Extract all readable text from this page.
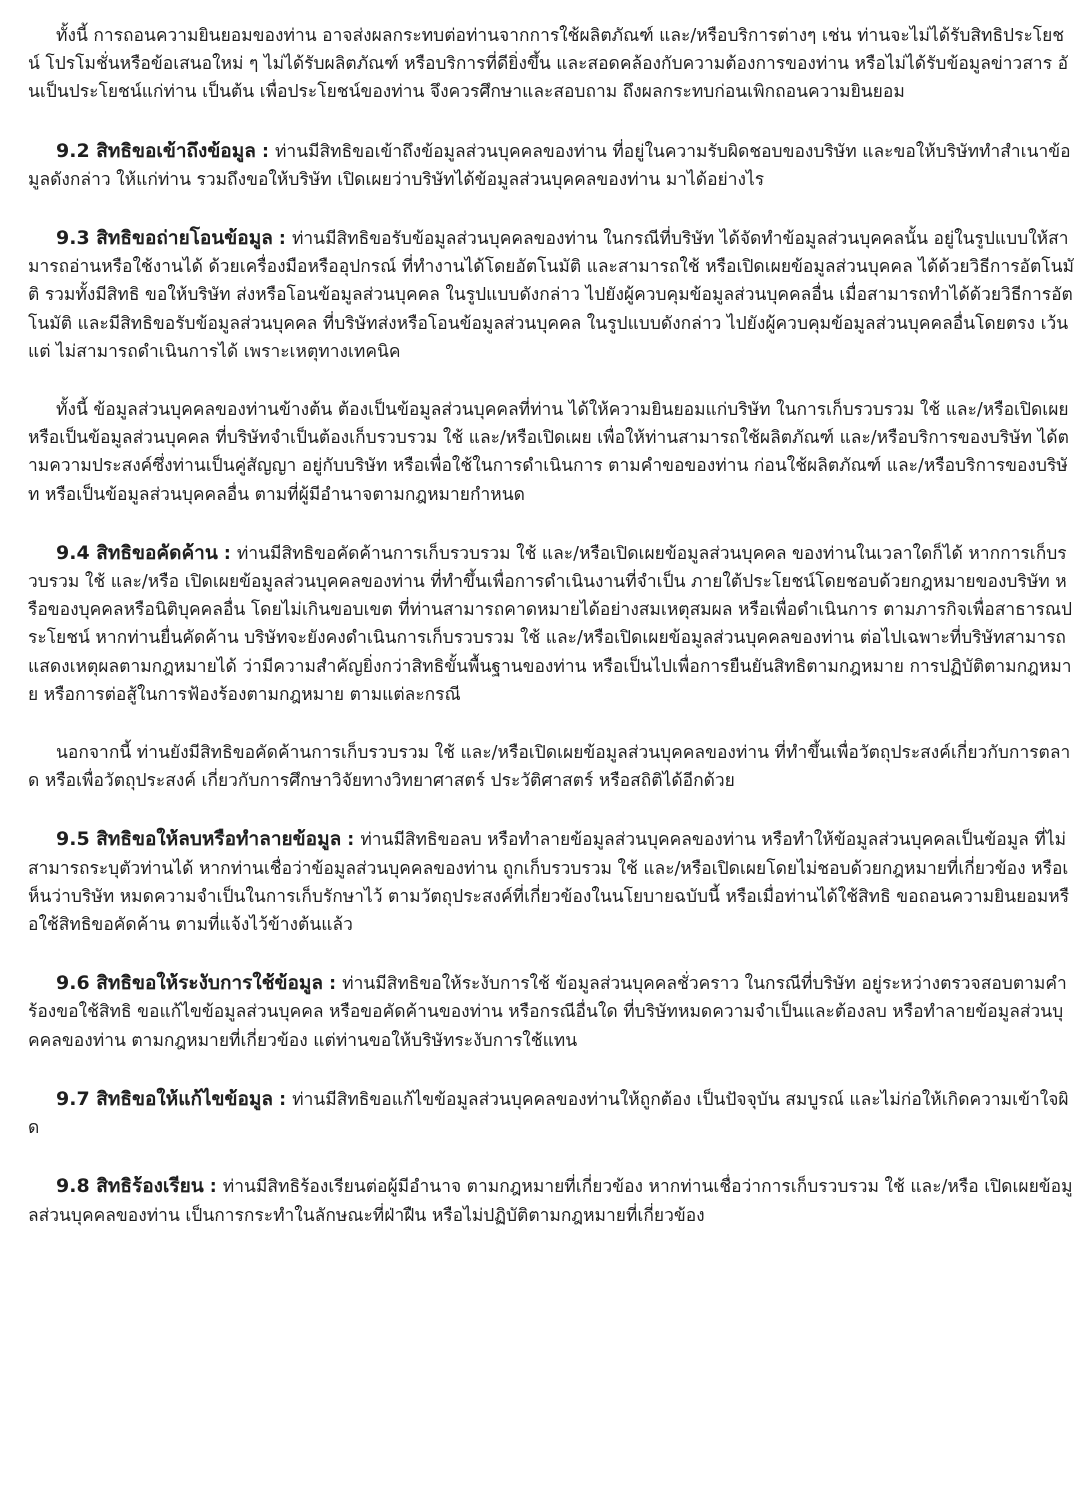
ทั้งนี้ การถอนความยินยอมของท่าน อาจส่งผลกระทบต่อท่านจากการใช้ผลิตภัณฑ์ และ/หรือบริการต่างๆ เช่น ท่านจะไม่ได้รับสิทธิประโยชน์ โปรโมชั่นหรือข้อเสนอใหม่ ๆ ไม่ได้รับผลิตภัณฑ์ หรือบริการที่ดียิ่งขึ้น และสอดคล้องกับความต้องการของท่าน หรือไม่ได้รับข้อมูลข่าวสาร อันเป็นประโยชน์แก่ท่าน เป็นต้น เพื่อประโยชน์ของท่าน จึงควรศึกษาและสอบถาม ถึงผลกระทบก่อนเพิกถอนความยินยอม

9.2 สิทธิขอเข้าถึงข้อมูล : ท่านมีสิทธิขอเข้าถึงข้อมูลส่วนบุคคลของท่าน ที่อยู่ในความรับผิดชอบของบริษัท และขอให้บริษัททำสำเนาข้อมูลดังกล่าว ให้แก่ท่าน รวมถึงขอให้บริษัท เปิดเผยว่าบริษัทได้ข้อมูลส่วนบุคคลของท่าน มาได้อย่างไร

9.3 สิทธิขอถ่ายโอนข้อมูล : ท่านมีสิทธิขอรับข้อมูลส่วนบุคคลของท่าน ในกรณีที่บริษัท ได้จัดทำข้อมูลส่วนบุคคลนั้น อยู่ในรูปแบบให้สามารถอ่านหรือใช้งานได้ ด้วยเครื่องมือหรืออุปกรณ์ ที่ทำงานได้โดยอัตโนมัติ และสามารถใช้ หรือเปิดเผยข้อมูลส่วนบุคคล ได้ด้วยวิธีการอัตโนมัติ รวมทั้งมีสิทธิ ขอให้บริษัท ส่งหรือโอนข้อมูลส่วนบุคคล ในรูปแบบดังกล่าว ไปยังผู้ควบคุมข้อมูลส่วนบุคคลอื่น เมื่อสามารถทำได้ด้วยวิธีการอัตโนมัติ และมีสิทธิขอรับข้อมูลส่วนบุคคล ที่บริษัทส่งหรือโอนข้อมูลส่วนบุคคล ในรูปแบบดังกล่าว ไปยังผู้ควบคุมข้อมูลส่วนบุคคลอื่นโดยตรง เว้นแต่ ไม่สามารถดำเนินการได้ เพราะเหตุทางเทคนิค

ทั้งนี้ ข้อมูลส่วนบุคคลของท่านข้างต้น ต้องเป็นข้อมูลส่วนบุคคลที่ท่าน ได้ให้ความยินยอมแก่บริษัท ในการเก็บรวบรวม ใช้ และ/หรือเปิดเผย หรือเป็นข้อมูลส่วนบุคคล ที่บริษัทจำเป็นต้องเก็บรวบรวม ใช้ และ/หรือเปิดเผย เพื่อให้ท่านสามารถใช้ผลิตภัณฑ์ และ/หรือบริการของบริษัท ได้ตามความประสงค์ซึ่งท่านเป็นคู่สัญญา อยู่กับบริษัท หรือเพื่อใช้ในการดำเนินการ ตามคำขอของท่าน ก่อนใช้ผลิตภัณฑ์ และ/หรือบริการของบริษัท หรือเป็นข้อมูลส่วนบุคคลอื่น ตามที่ผู้มีอำนาจตามกฎหมายกำหนด

9.4 สิทธิขอคัดค้าน : ท่านมีสิทธิขอคัดค้านการเก็บรวบรวม ใช้ และ/หรือเปิดเผยข้อมูลส่วนบุคคล ของท่านในเวลาใดก็ได้ หากการเก็บรวบรวม ใช้ และ/หรือ เปิดเผยข้อมูลส่วนบุคคลของท่าน ที่ทำขึ้นเพื่อการดำเนินงานที่จำเป็น ภายใต้ประโยชน์โดยชอบด้วยกฎหมายของบริษัท หรือของบุคคลหรือนิติบุคคลอื่น โดยไม่เกินขอบเขต ที่ท่านสามารถคาดหมายได้อย่างสมเหตุสมผล หรือเพื่อดำเนินการ ตามภารกิจเพื่อสาธารณประโยชน์ หากท่านยื่นคัดค้าน บริษัทจะยังคงดำเนินการเก็บรวบรวม ใช้ และ/หรือเปิดเผยข้อมูลส่วนบุคคลของท่าน ต่อไปเฉพาะที่บริษัทสามารถ แสดงเหตุผลตามกฎหมายได้ ว่ามีความสำคัญยิ่งกว่าสิทธิขั้นพื้นฐานของท่าน หรือเป็นไปเพื่อการยืนยันสิทธิตามกฎหมาย การปฏิบัติตามกฎหมาย หรือการต่อสู้ในการฟ้องร้องตามกฎหมาย ตามแต่ละกรณี

นอกจากนี้ ท่านยังมีสิทธิขอคัดค้านการเก็บรวบรวม ใช้ และ/หรือเปิดเผยข้อมูลส่วนบุคคลของท่าน ที่ทำขึ้นเพื่อวัตถุประสงค์เกี่ยวกับการตลาด หรือเพื่อวัตถุประสงค์ เกี่ยวกับการศึกษาวิจัยทางวิทยาศาสตร์ ประวัติศาสตร์ หรือสถิติได้อีกด้วย

9.5 สิทธิขอให้ลบหรือทำลายข้อมูล : ท่านมีสิทธิขอลบ หรือทำลายข้อมูลส่วนบุคคลของท่าน หรือทำให้ข้อมูลส่วนบุคคลเป็นข้อมูล ที่ไม่สามารถระบุตัวท่านได้ หากท่านเชื่อว่าข้อมูลส่วนบุคคลของท่าน ถูกเก็บรวบรวม ใช้ และ/หรือเปิดเผยโดยไม่ชอบด้วยกฎหมายที่เกี่ยวข้อง หรือเห็นว่าบริษัท หมดความจำเป็นในการเก็บรักษาไว้ ตามวัตถุประสงค์ที่เกี่ยวข้องในนโยบายฉบับนี้ หรือเมื่อท่านได้ใช้สิทธิ ขอถอนความยินยอมหรือใช้สิทธิขอคัดค้าน ตามที่แจ้งไว้ข้างต้นแล้ว

9.6 สิทธิขอให้ระงับการใช้ข้อมูล : ท่านมีสิทธิขอให้ระงับการใช้ ข้อมูลส่วนบุคคลชั่วคราว ในกรณีที่บริษัท อยู่ระหว่างตรวจสอบตามคำร้องขอใช้สิทธิ ขอแก้ไขข้อมูลส่วนบุคคล หรือขอคัดค้านของท่าน หรือกรณีอื่นใด ที่บริษัทหมดความจำเป็นและต้องลบ หรือทำลายข้อมูลส่วนบุคคลของท่าน ตามกฎหมายที่เกี่ยวข้อง แต่ท่านขอให้บริษัทระงับการใช้แทน

9.7 สิทธิขอให้แก้ไขข้อมูล : ท่านมีสิทธิขอแก้ไขข้อมูลส่วนบุคคลของท่านให้ถูกต้อง เป็นปัจจุบัน สมบูรณ์ และไม่ก่อให้เกิดความเข้าใจผิด

9.8 สิทธิร้องเรียน : ท่านมีสิทธิร้องเรียนต่อผู้มีอำนาจ ตามกฎหมายที่เกี่ยวข้อง หากท่านเชื่อว่าการเก็บรวบรวม ใช้ และ/หรือ เปิดเผยข้อมูลส่วนบุคคลของท่าน เป็นการกระทำในลักษณะที่ฝ่าฝืน หรือไม่ปฏิบัติตามกฎหมายที่เกี่ยวข้อง
